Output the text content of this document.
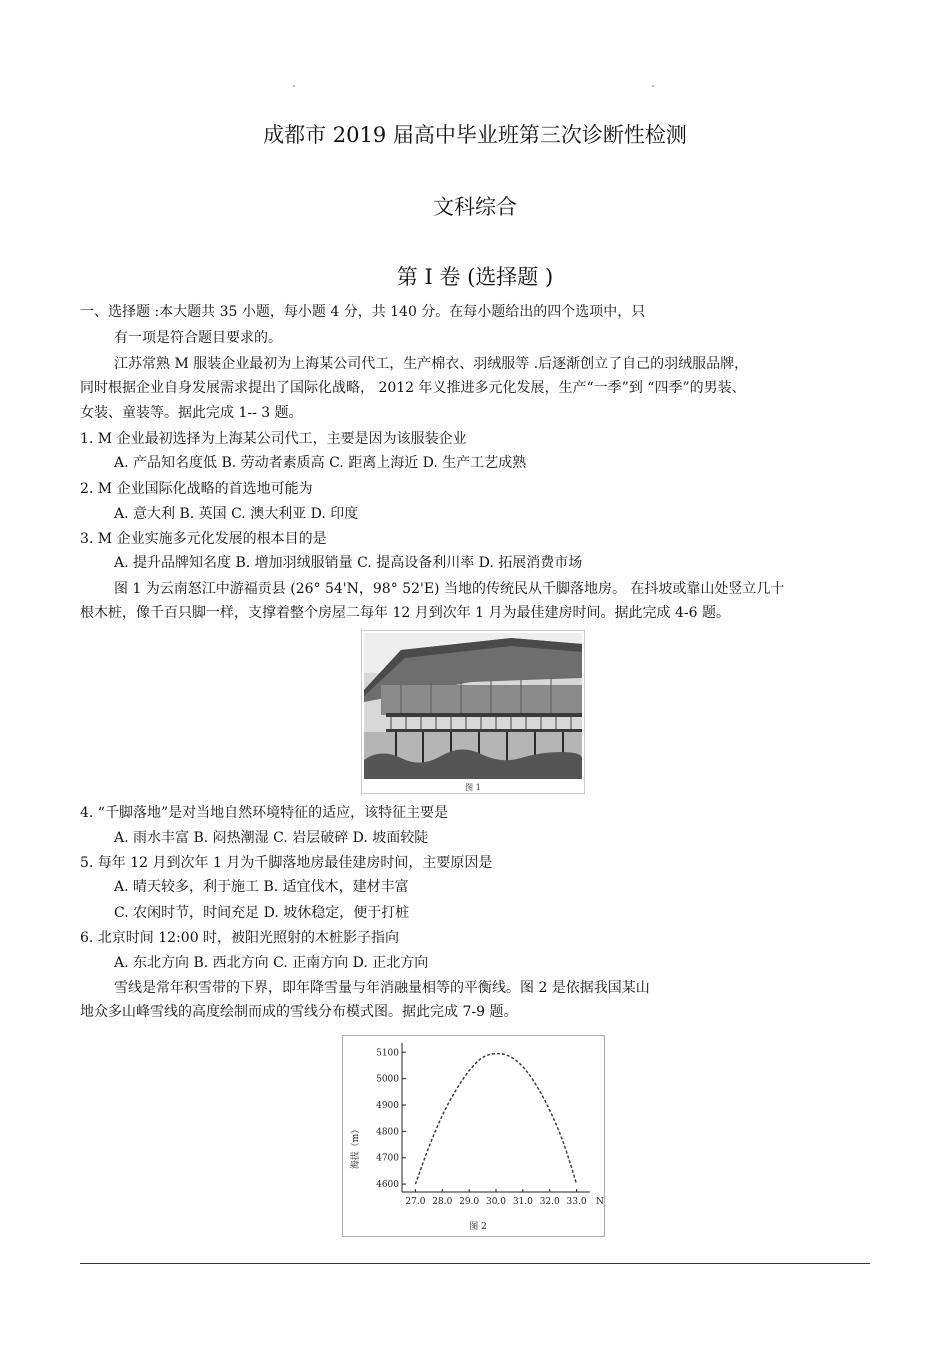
成都市 2019 届高中毕业班第三次诊断性检测
文科综合
第 I 卷 (选择题 )
一、选择题 :本大题共 35 小题，每小题 4 分，共 140 分。在每小题给出的四个选项中，只
有一项是符合题目要求的。
江苏常熟 M 服装企业最初为上海某公司代工，生产棉衣、羽绒服等 .后逐渐创立了自己的羽绒服品牌，
同时根据企业自身发展需求提出了国际化战略， 2012 年义推进多元化发展，生产“一季”到 “四季”的男装、
女装、童装等。据此完成 1-- 3 题。
1. M 企业最初选择为上海某公司代工，主要是因为该服装企业
A. 产品知名度低 B. 劳动者素质高 C. 距离上海近 D. 生产工艺成熟
2. M 企业国际化战略的首选地可能为
A. 意大利 B. 英国 C. 澳大利亚 D. 印度
3. M 企业实施多元化发展的根本目的是
A. 提升品牌知名度 B. 增加羽绒服销量 C. 提高设备利川率 D. 拓展消费市场
图 1 为云南怒江中游福贡县 (26° 54'N，98° 52'E) 当地的传统民从千脚落地房。 在抖坡或靠山处竖立几十
根木桩，像千百只脚一样，支撑着整个房屋二每年 12 月到次年 1 月为最佳建房时间。据此完成 4-6 题。
图 1
4. “千脚落地”是对当地自然环境特征的适应，该特征主要是
A. 雨水丰富 B. 闷热潮湿 C. 岩层破碎 D. 坡面较陡
5. 每年 12 月到次年 1 月为千脚落地房最佳建房时间，主要原因是
A. 晴天较多，利于施工 B. 适宜伐木，建材丰富
C. 农闲时节，时间充足 D. 坡休稳定，便于打桩
6. 北京时间 12:00 时，被阳光照射的木桩影子指向
A. 东北方向 B. 西北方向 C. 正南方向 D. 正北方向
雪线是常年积雪带的下界，即年降雪量与年消融量相等的平衡线。图 2 是依据我国某山
地众多山峰雪线的高度绘制而成的雪线分布模式图。据此完成 7-9 题。
4600
4700
4800
4900
5000
5100
27.0 28.0 29.0 30.0 31.0 32.0 33.0 N
海拔（m）
图 2
